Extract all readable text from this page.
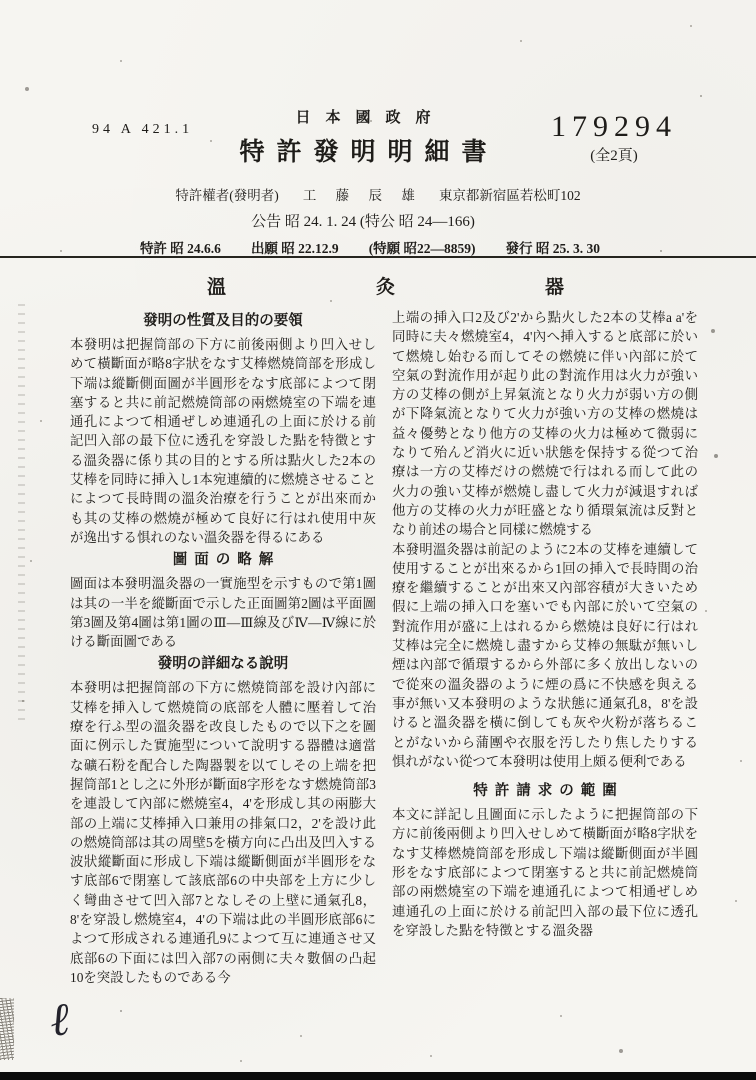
94 A 421.1
日本國政府
特許發明明細書
179294
(全2頁)
特許權者(發明者) 工 藤 辰 雄 東京都新宿區若松町102
公告 昭 24. 1. 24 (特公 昭 24—166)
特許 昭 24.6.6 出願 昭 22.12.9 (特願 昭22—8859) 發行 昭 25. 3. 30
溫灸器
發明の性質及目的の要領

本發明は把握筒部の下方に前後兩側より凹入せしめて橫斷面が略8字狀をなす艾棒燃燒筒部を形成し下端は縱斷側面圖が半圓形をなす底部によつて閉塞すると共に前記燃燒筒部の兩燃燒室の下端を連通孔によつて相通ぜしめ連通孔の上面に於ける前記凹入部の最下位に透孔を穿設した點を特徴とする溫灸器に係り其の目的とする所は點火した2本の艾棒を同時に挿入し1本宛連續的に燃燒させることによつて長時間の溫灸治療を行うことが出來而かも其の艾棒の燃燒が極めて良好に行はれ使用中灰が逸出する惧れのない溫灸器を得るにある

圖面の略解

圖面は本發明溫灸器の一實施型を示すもので第1圖は其の一半を縱斷面で示した正面圖第2圖は平面圖第3圖及第4圖は第1圖のⅢ—Ⅲ線及びⅣ—Ⅳ線に於ける斷面圖である

發明の詳細なる說明

本發明は把握筒部の下方に燃燒筒部を設け內部に艾棒を挿入して燃燒筒の底部を人體に壓着して治療を行ふ型の溫灸器を改良したもので以下之を圖面に例示した實施型について說明する器體は適當な礦石粉を配合した陶器製を以てしその上端を把握筒部1とし之に外形が斷面8字形をなす燃燒筒部3を連設して內部に燃燒室4，4'を形成し其の兩膨大部の上端に艾棒挿入口兼用の排氣口2，2'を設け此の燃燒筒部は其の周壁5を橫方向に凸出及凹入する波狀縱斷面に形成し下端は縱斷側面が半圓形をなす底部6で閉塞して該底部6の中央部を上方に少しく彎曲させて凹入部7となしその上壁に通氣孔8，8'を穿設し燃燒室4，4'の下端は此の半圓形底部6によつて形成される連通孔9によつて互に連通させ又底部6の下面には凹入部7の兩側に夫々數個の凸起10を突設したものである今

上端の挿入口2及び2'から點火した2本の艾棒a a'を同時に夫々燃燒室4，4'內へ挿入すると底部に於いて燃燒し始むる而してその燃燒に伴い內部に於て空氣の對流作用が起り此の對流作用は火力が強い方の艾棒の側が上昇氣流となり火力が弱い方の側が下降氣流となりて火力が強い方の艾棒の燃燒は益々優勢となり他方の艾棒の火力は極めて微弱になりて殆んど消火に近い狀態を保持する從つて治療は一方の艾棒だけの燃燒で行はれる而して此の火力の強い艾棒が燃燒し盡して火力が減退すれば他方の艾棒の火力が旺盛となり循環氣流は反對となり前述の場合と同樣に燃燒する

本發明溫灸器は前記のように2本の艾棒を連續して使用することが出來るから1回の挿入で長時間の治療を繼續することが出來又內部容積が大きいため假に上端の挿入口を塞いでも內部に於いて空氣の對流作用が盛に上はれるから燃燒は良好に行はれ艾棒は完全に燃燒し盡すから艾棒の無駄が無いし煙は內部で循環するから外部に多く放出しないので從來の溫灸器のように煙の爲に不快感を與える事が無い又本發明のような狀態に通氣孔8，8'を設けると溫灸器を橫に倒しても灰や火粉が落ちることがないから蒲團や衣服を汚したり焦したりする惧れがない從つて本發明は使用上頗る便利である

特許請求の範圍

本文に詳記し且圖面に示したように把握筒部の下方に前後兩側より凹入せしめて橫斷面が略8字狀をなす艾棒燃燒筒部を形成し下端は縱斷側面が半圓形をなす底部によつて閉塞すると共に前記燃燒筒部の兩燃燒室の下端を連通孔によつて相通ぜしめ連通孔の上面に於ける前記凹入部の最下位に透孔を穿設した點を特徴とする溫灸器

ℓ
